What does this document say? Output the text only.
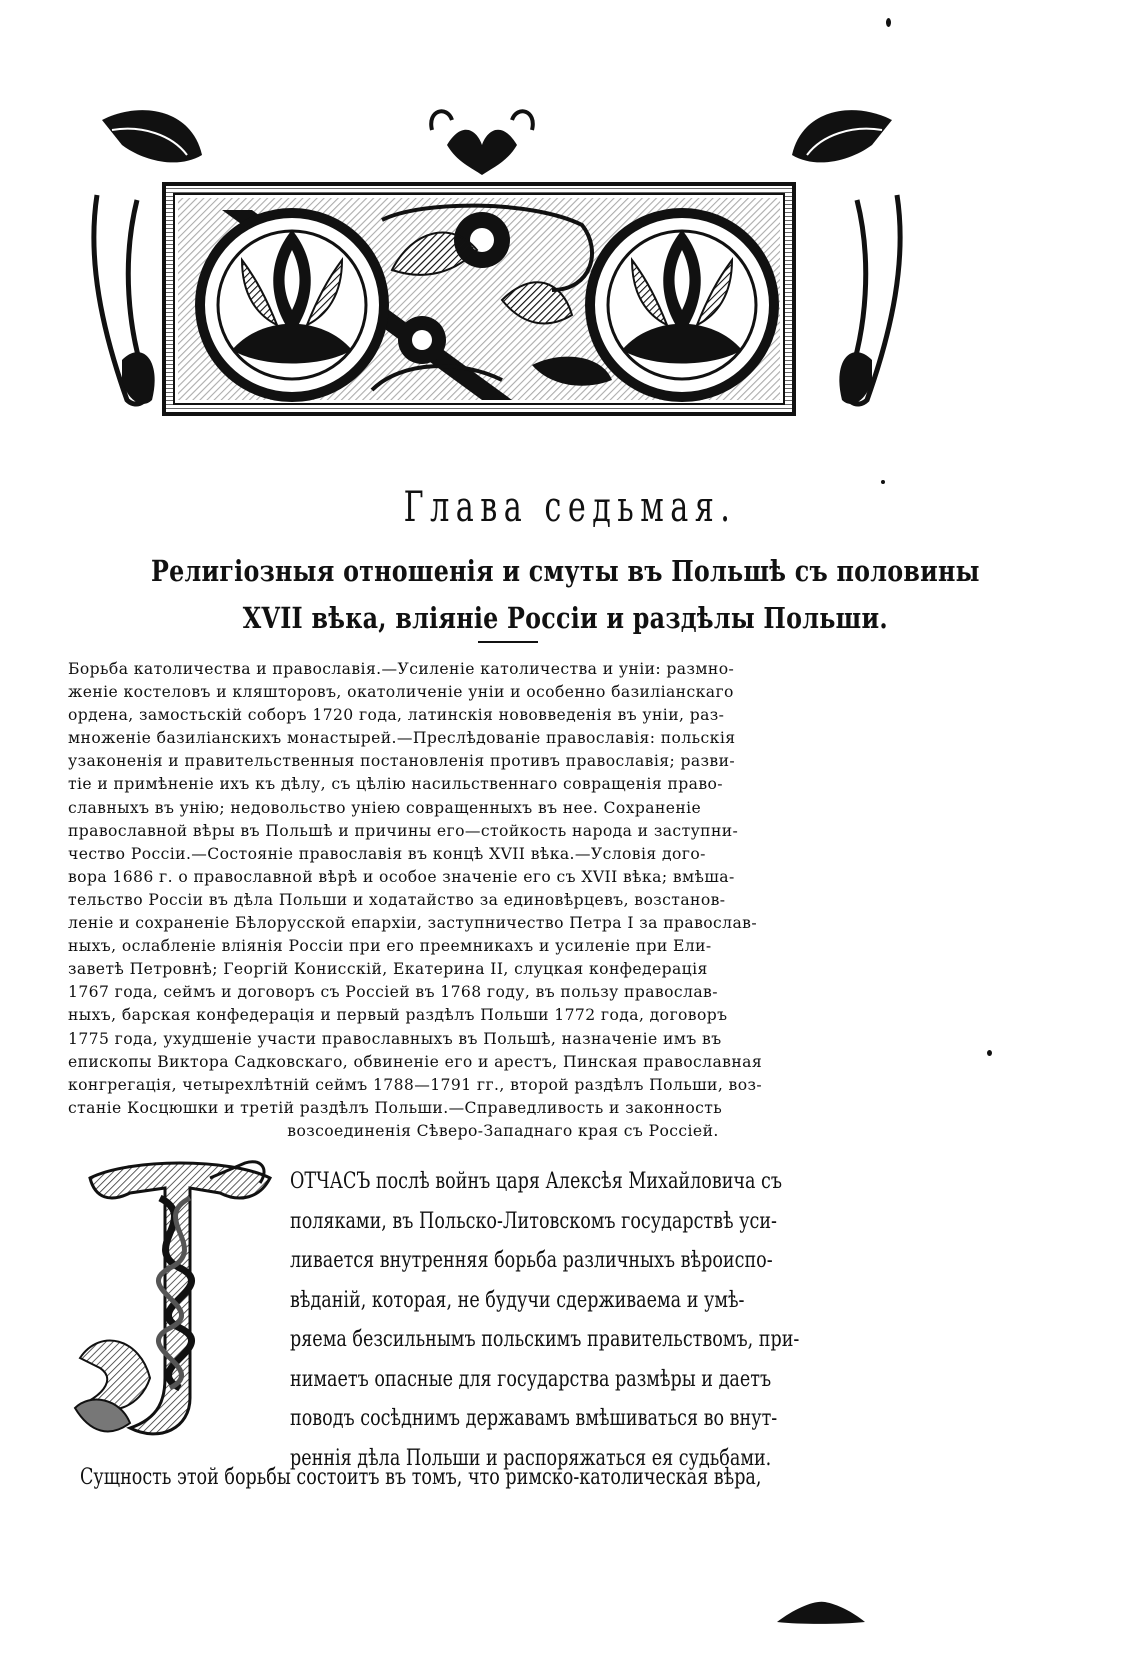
Глава седьмая.
Религіозныя отношенія и смуты въ Польшѣ съ половины
XVII вѣка, вліяніе Россіи и раздѣлы Польши.
Борьба католичества и православія.—Усиленіе католичества и уніи: размно-
женіе костеловъ и кляшторовъ, окатоличеніе уніи и особенно базиліанскаго
ордена, замостьскій соборъ 1720 года, латинскія нововведенія въ уніи, раз-
множеніе базиліанскихъ монастырей.—Преслѣдованіе православія: польскія
узаконенія и правительственныя постановленія противъ православія; разви-
тіе и примѣненіе ихъ къ дѣлу, съ цѣлію насильственнаго совращенія право-
славныхъ въ унію; недовольство уніею совращенныхъ въ нее. Сохраненіе
православной вѣры въ Польшѣ и причины его—стойкость народа и заступни-
чество Россіи.—Состояніе православія въ концѣ XVII вѣка.—Условія дого-
вора 1686 г. о православной вѣрѣ и особое значеніе его съ XVII вѣка; вмѣша-
тельство Россіи въ дѣла Польши и ходатайство за единовѣрцевъ, возстанов-
леніе и сохраненіе Бѣлорусской епархіи, заступничество Петра I за православ-
ныхъ, ослабленіе вліянія Россіи при его преемникахъ и усиленіе при Ели-
заветѣ Петровнѣ; Георгій Конисскій, Екатерина II, слуцкая конфедерація
1767 года, сеймъ и договоръ съ Россіей въ 1768 году, въ пользу православ-
ныхъ, барская конфедерація и первый раздѣлъ Польши 1772 года, договоръ
1775 года, ухудшеніе участи православныхъ въ Польшѣ, назначеніе имъ въ
епископы Виктора Садковскаго, обвиненіе его и арестъ, Пинская православная
конгрегація, четырехлѣтній сеймъ 1788—1791 гг., второй раздѣлъ Польши, воз-
станіе Косцюшки и третій раздѣлъ Польши.—Справедливость и законность
возсоединенія Сѣверо-Западнаго края съ Россіей.
ОТЧАСЪ послѣ войнъ царя Алексѣя Михайловича съ
поляками, въ Польско-Литовскомъ государствѣ уси-
ливается внутренняя борьба различныхъ вѣроиспо-
вѣданій, которая, не будучи сдерживаема и умѣ-
ряема безсильнымъ польскимъ правительствомъ, при-
нимаетъ опасные для государства размѣры и даетъ
поводъ сосѣднимъ державамъ вмѣшиваться во внут-
реннія дѣла Польши и распоряжаться ея судьбами.
Сущность этой борьбы состоитъ въ томъ, что римско-католическая вѣра,
